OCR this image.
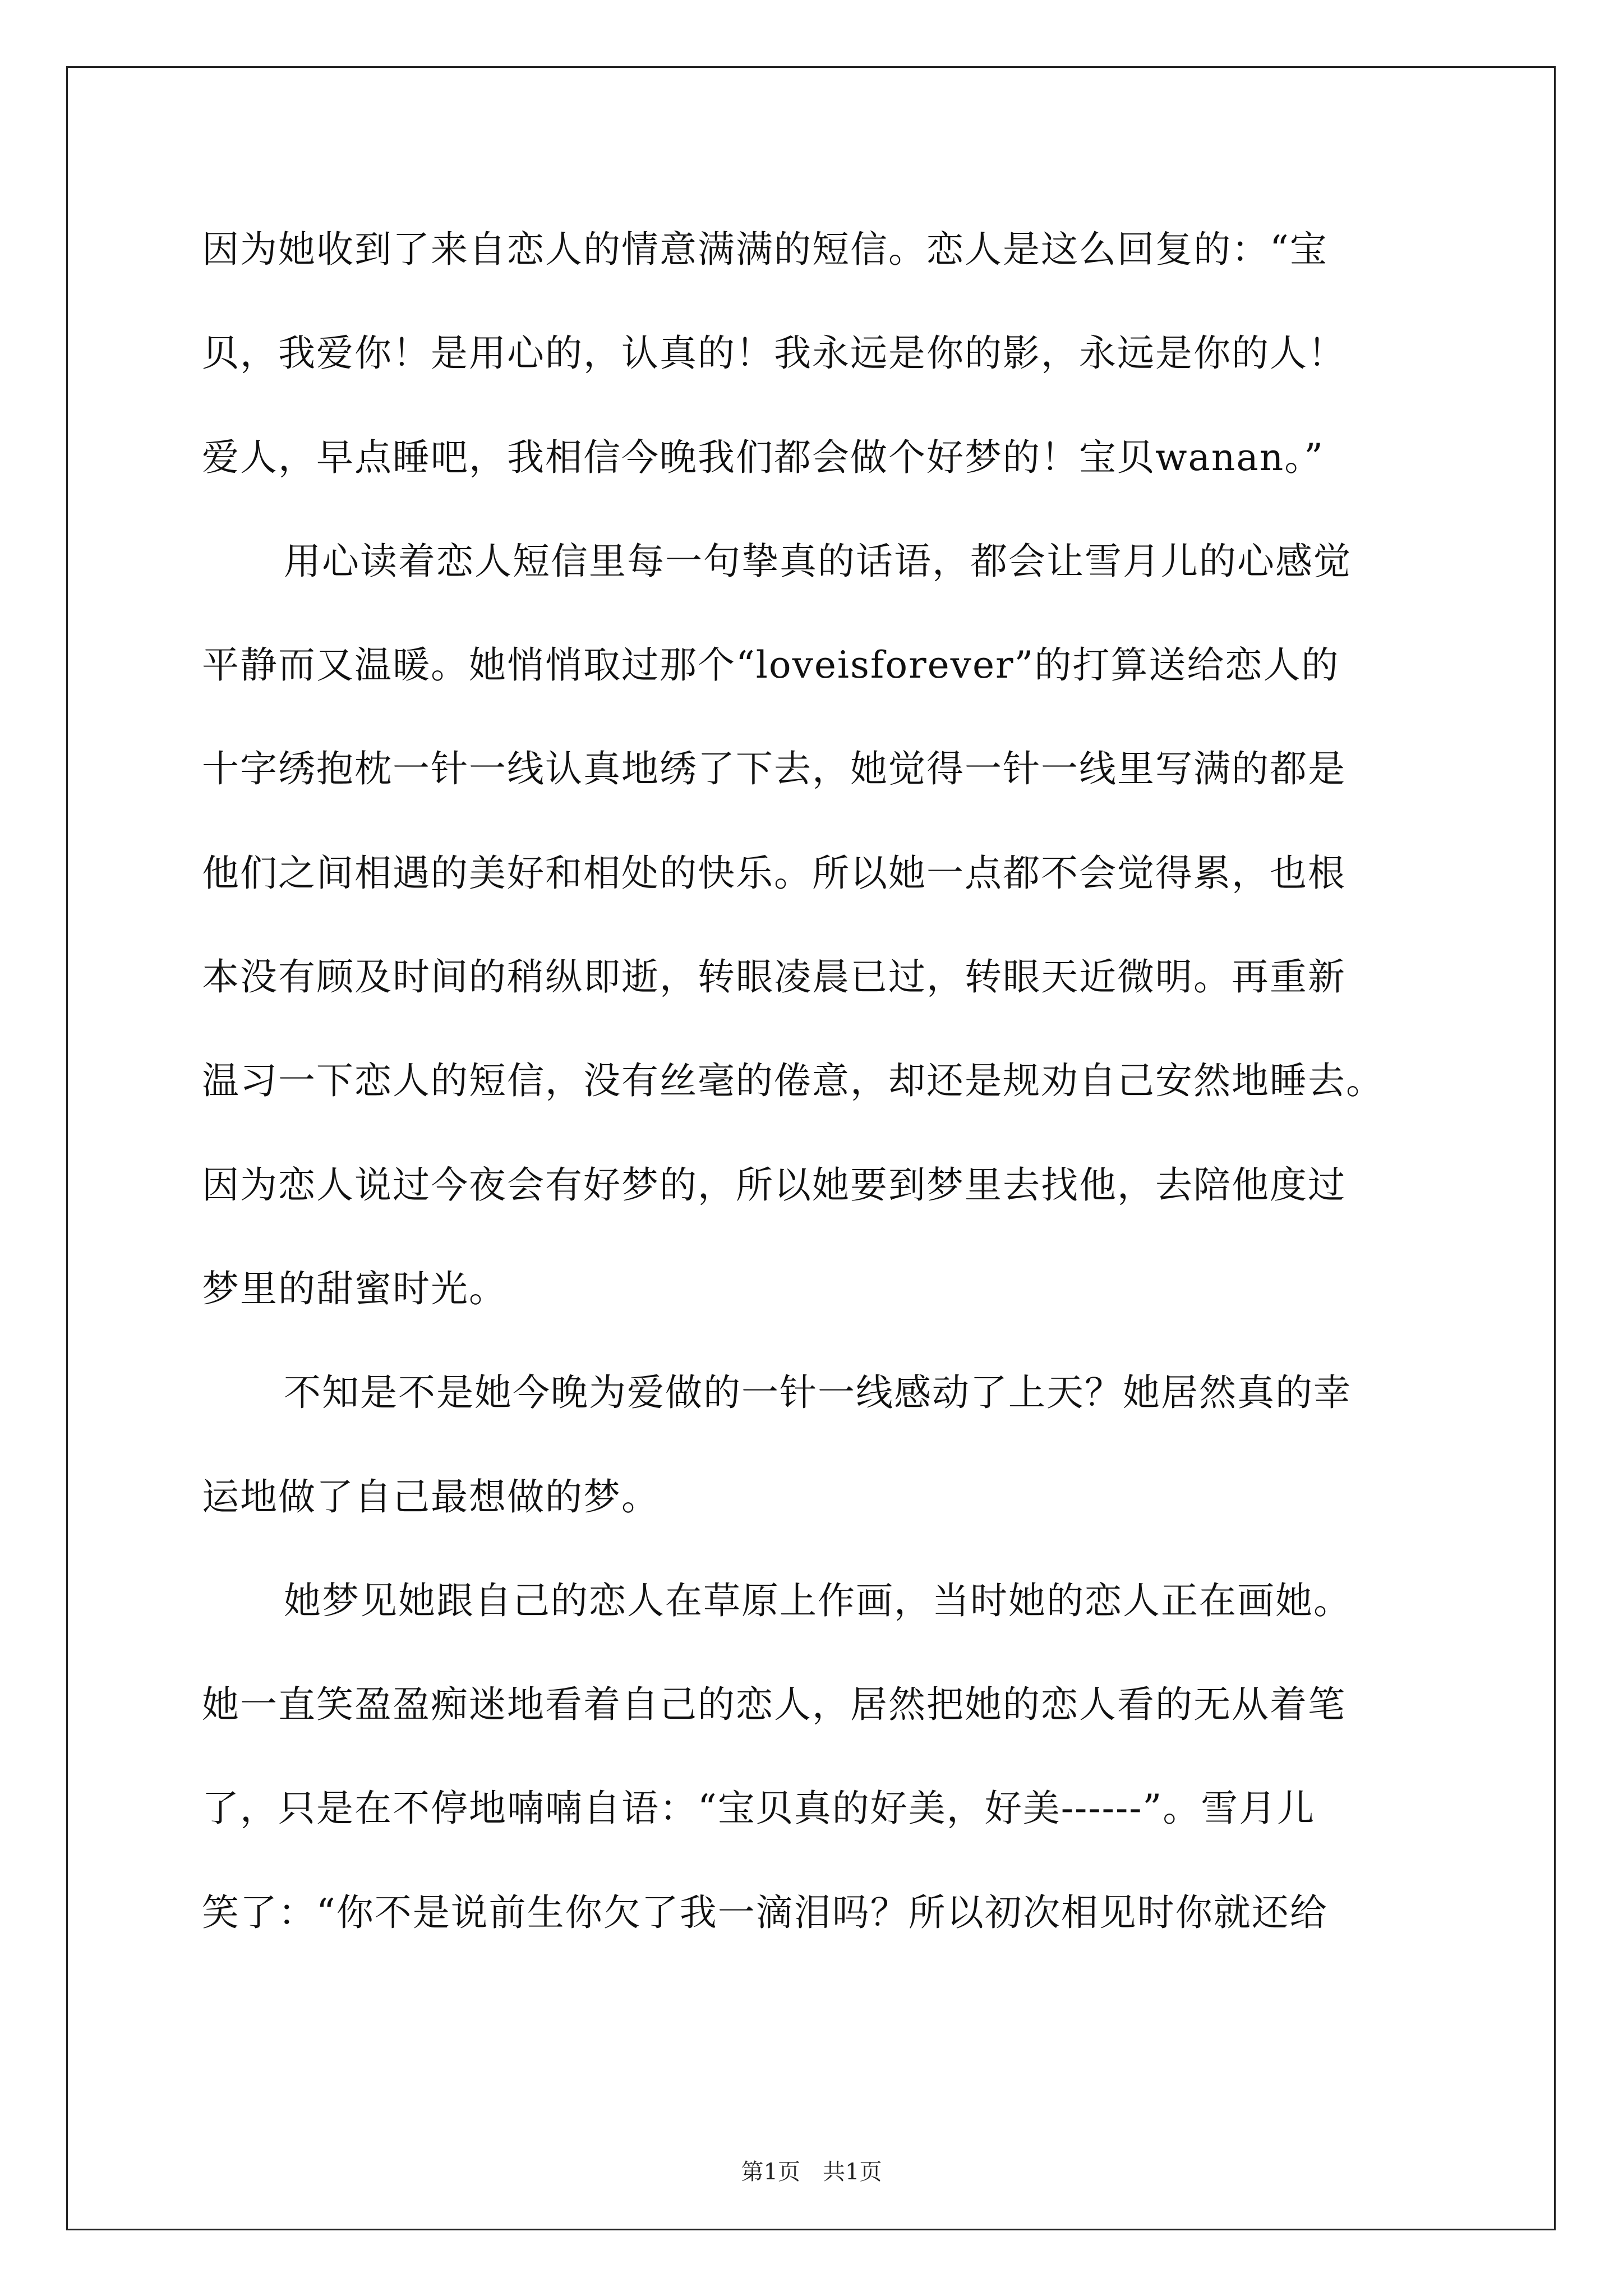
因为她收到了来自恋人的情意满满的短信。恋人是这么回复的：“宝
贝，我爱你！是用心的，认真的！我永远是你的影，永远是你的人！
爱人，早点睡吧，我相信今晚我们都会做个好梦的！宝贝wanan。”
用心读着恋人短信里每一句挚真的话语，都会让雪月儿的心感觉
平静而又温暖。她悄悄取过那个“loveisforever”的打算送给恋人的
十字绣抱枕一针一线认真地绣了下去，她觉得一针一线里写满的都是
他们之间相遇的美好和相处的快乐。所以她一点都不会觉得累，也根
本没有顾及时间的稍纵即逝，转眼凌晨已过，转眼天近微明。再重新
温习一下恋人的短信，没有丝毫的倦意，却还是规劝自己安然地睡去。
因为恋人说过今夜会有好梦的，所以她要到梦里去找他，去陪他度过
梦里的甜蜜时光。
不知是不是她今晚为爱做的一针一线感动了上天？她居然真的幸
运地做了自己最想做的梦。
她梦见她跟自己的恋人在草原上作画，当时她的恋人正在画她。
她一直笑盈盈痴迷地看着自己的恋人，居然把她的恋人看的无从着笔
了，只是在不停地喃喃自语：“宝贝真的好美，好美------”。雪月儿
笑了：“你不是说前生你欠了我一滴泪吗？所以初次相见时你就还给
第1页　共1页
